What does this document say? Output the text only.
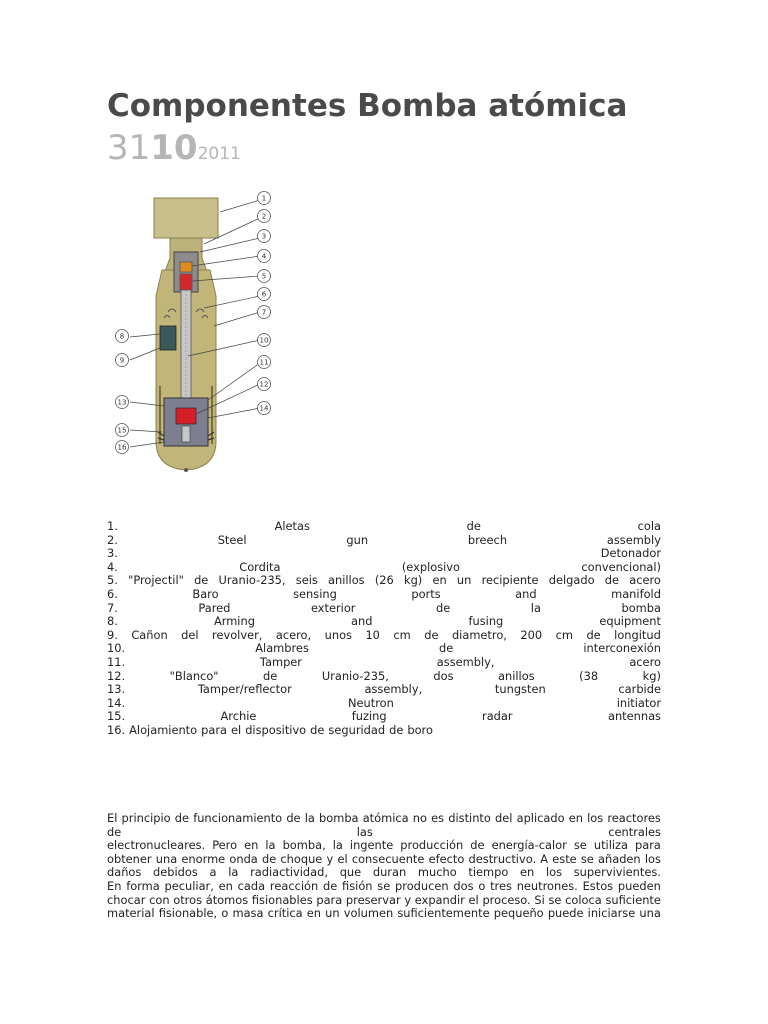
Componentes Bomba atómica
31102011
1
2
3
4
5
6
7
8
9
10
11
12
13
14
15
16
1.	Aletas	de	cola
2.	Steel	gun	breech	assembly
3.	Detonador
4.	Cordita	(explosivo	convencional)
5. "Projectil" de Uranio-235, seis anillos (26 kg) en un recipiente delgado de acero
6.	Baro	sensing	ports	and	manifold
7.	Pared	exterior	de	la	bomba
8.	Arming	and	fusing	equipment
9. Cañon del revolver, acero, unos 10 cm de diametro, 200 cm de longitud
10.	Alambres	de	interconexión
11.	Tamper	assembly,	acero
12.	"Blanco"	de	Uranio-235,	dos	anillos	(38	kg)
13.	Tamper/reflector	assembly,	tungsten	carbide
14.	Neutron	initiator
15.	Archie	fuzing	radar	antennas
16. Alojamiento para el dispositivo de seguridad de boro
El principio de funcionamiento de la bomba atómica no es distinto del aplicado en los reactores
de	las	centrales
electronucleares. Pero en la bomba, la ingente producción de energía-calor se utiliza para
obtener una enorme onda de choque y el consecuente efecto destructivo. A este se añaden los
daños debidos a la radiactividad, que duran mucho tiempo en los supervivientes.
En forma peculiar, en cada reacción de fisión se producen dos o tres neutrones. Estos pueden
chocar con otros átomos fisionables para preservar y expandir el proceso. Si se coloca suficiente
material fisionable, o masa crítica en un volumen suficientemente pequeño puede iniciarse una
